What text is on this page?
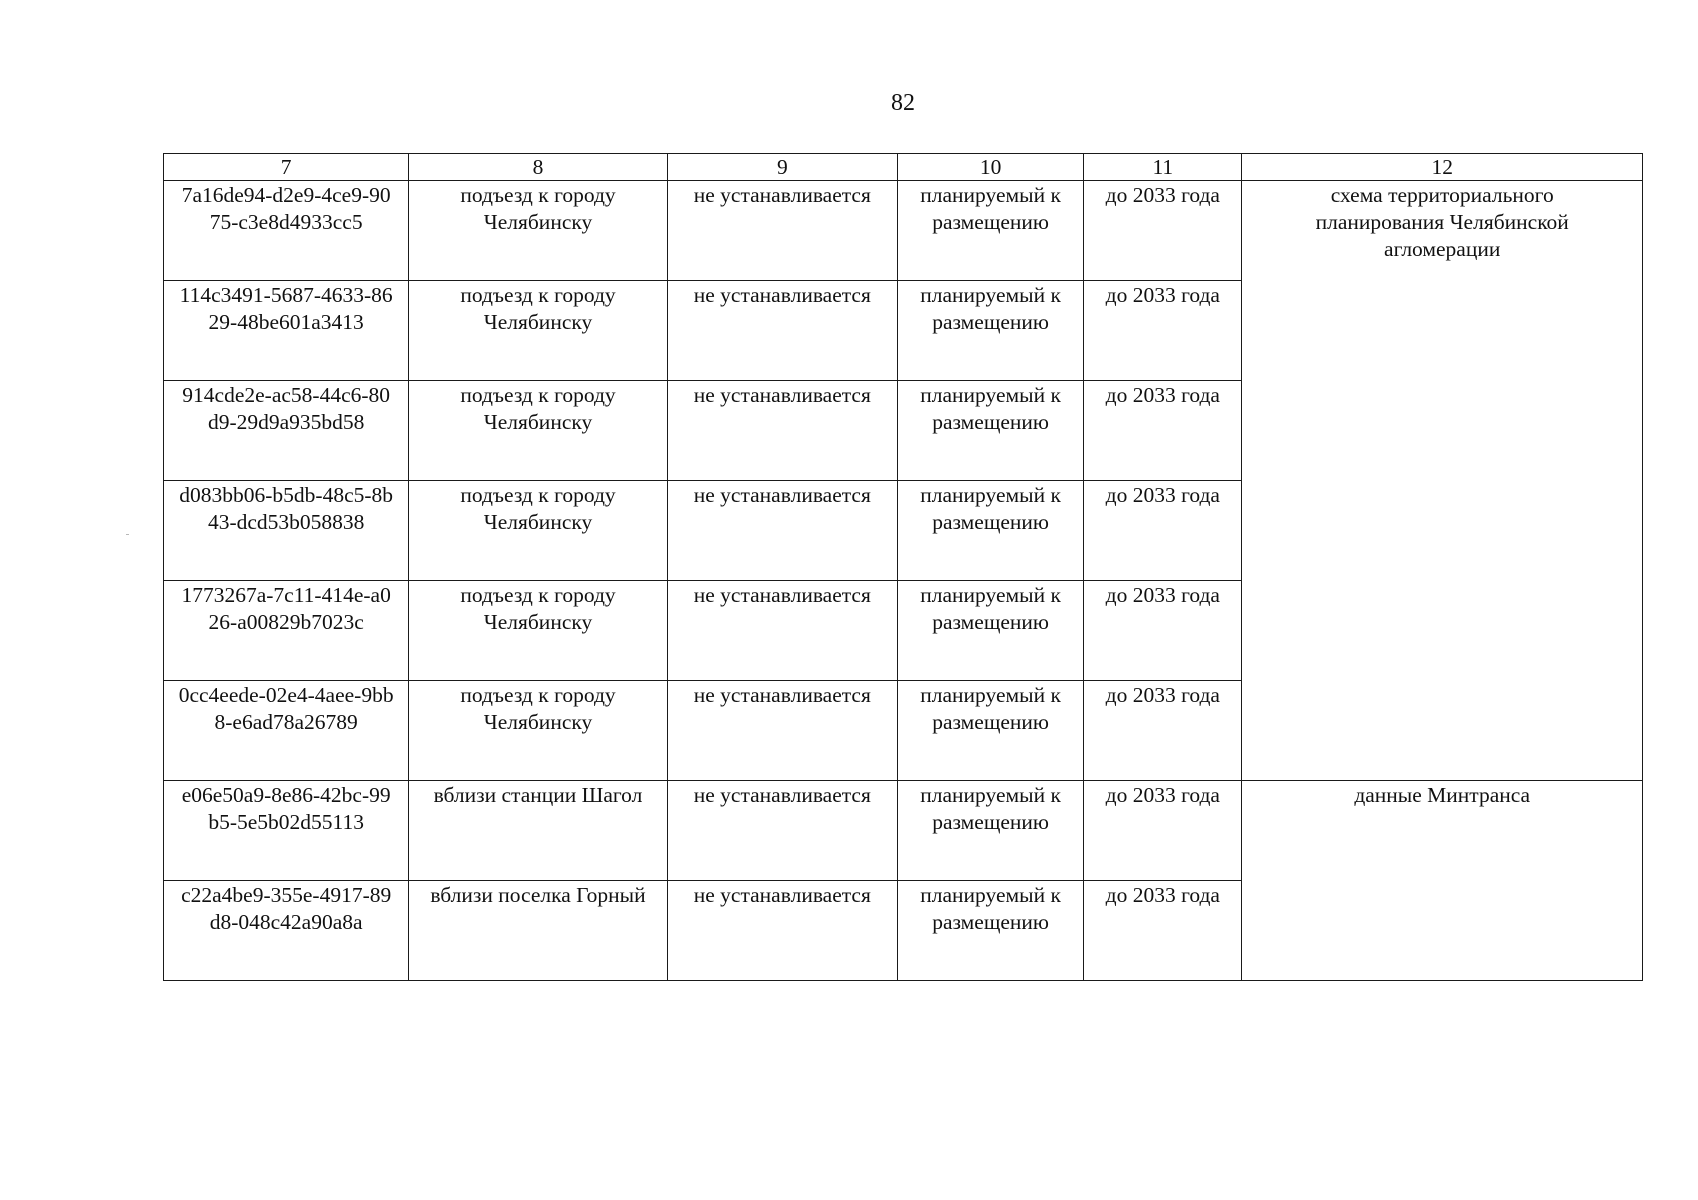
82
7	8	9	10	11	12
7a16de94-d2e9-4ce9-9075-c3e8d4933cc5	подъезд к городу Челябинску	не устанавливается	планируемый к размещению	до 2033 года	схема территориального планирования Челябинской агломерации
114c3491-5687-4633-8629-48be601a3413	подъезд к городу Челябинску	не устанавливается	планируемый к размещению	до 2033 года	
914cde2e-ac58-44c6-80d9-29d9a935bd58	подъезд к городу Челябинску	не устанавливается	планируемый к размещению	до 2033 года	
d083bb06-b5db-48c5-8b43-dcd53b058838	подъезд к городу Челябинску	не устанавливается	планируемый к размещению	до 2033 года	
1773267a-7c11-414e-a026-a00829b7023c	подъезд к городу Челябинску	не устанавливается	планируемый к размещению	до 2033 года	
0cc4eede-02e4-4aee-9bb8-e6ad78a26789	подъезд к городу Челябинску	не устанавливается	планируемый к размещению	до 2033 года	
e06e50a9-8e86-42bc-99b5-5e5b02d55113	вблизи станции Шагол	не устанавливается	планируемый к размещению	до 2033 года	данные Минтранса
c22a4be9-355e-4917-89d8-048c42a90a8a	вблизи поселка Горный	не устанавливается	планируемый к размещению	до 2033 года	
